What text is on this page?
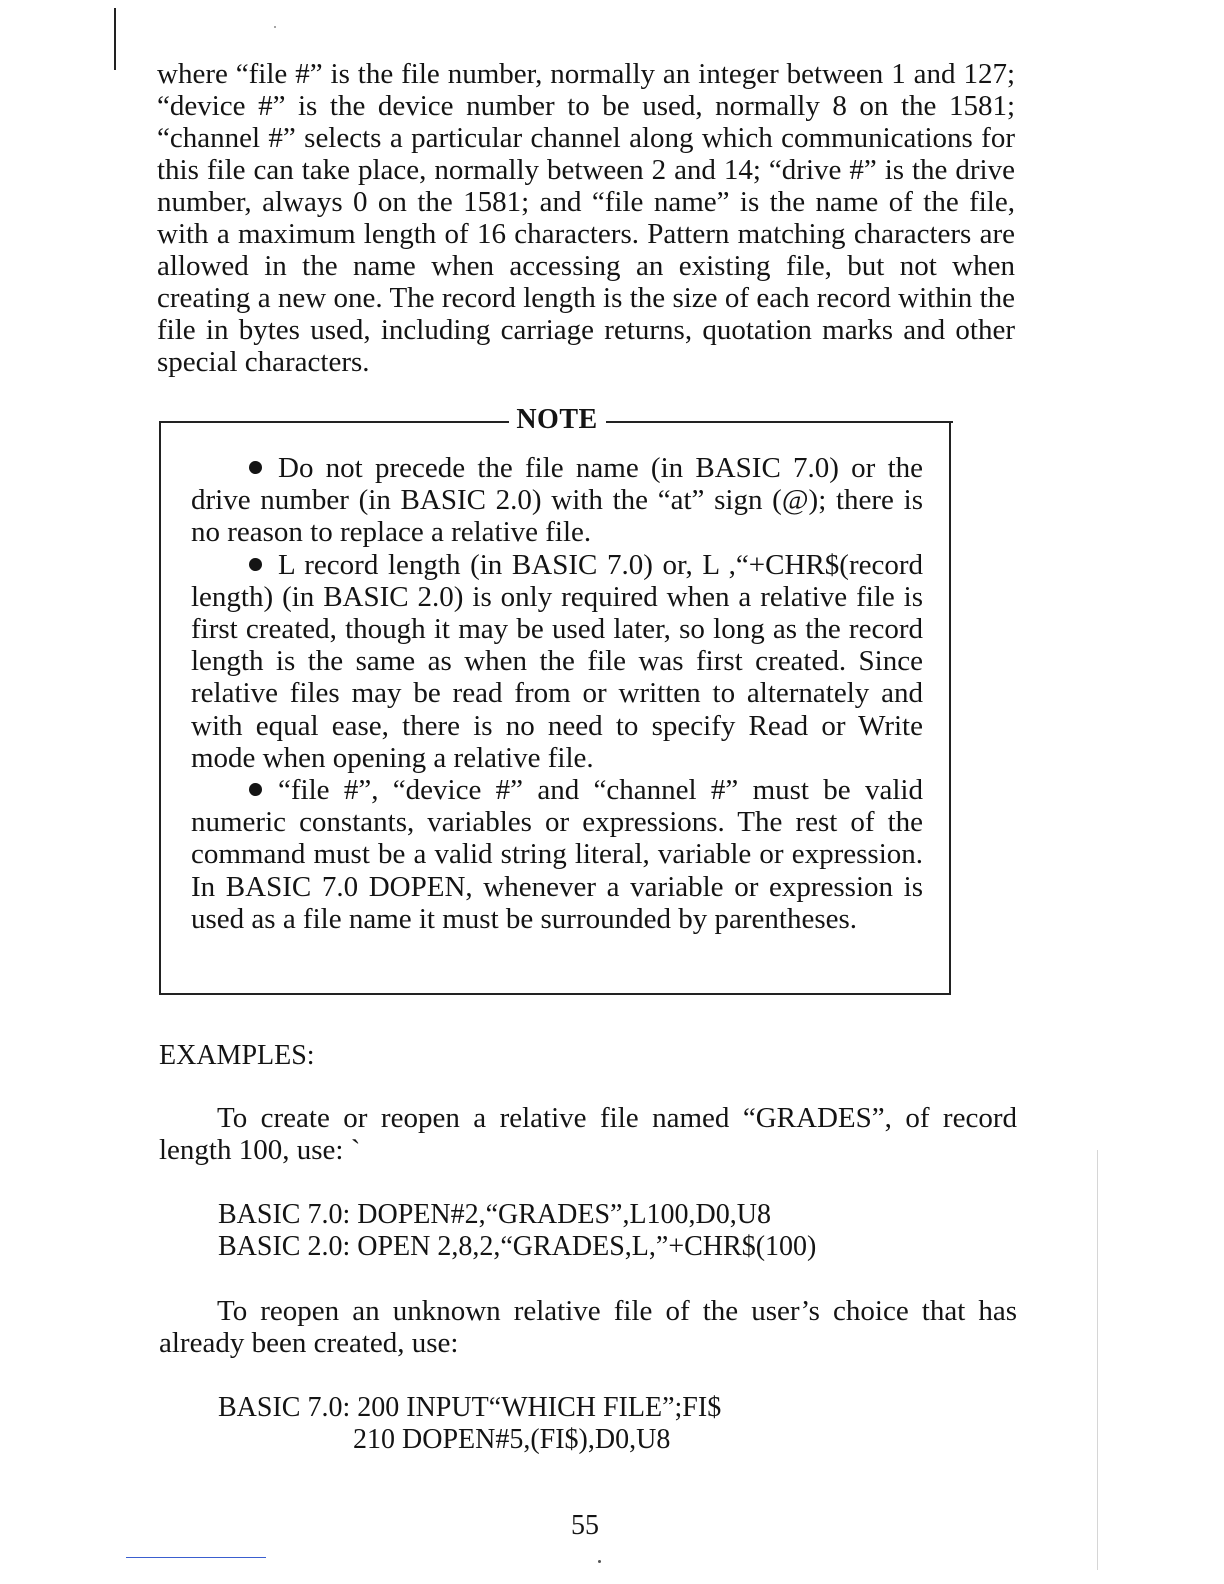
where “file #” is the file number, normally an integer between 1 and 127; “device #” is the device number to be used, normally 8 on the 1581; “channel #” selects a particular channel along which communications for this file can take place, normally between 2 and 14; “drive #” is the drive number, always 0 on the 1581; and “file name” is the name of the file, with a maximum length of 16 characters. Pattern matching characters are allowed in the name when accessing an existing file, but not when creating a new one. The record length is the size of each record within the file in bytes used, including carriage returns, quotation marks and other special characters.

NOTE

Do not precede the file name (in BASIC 7.0) or the drive number (in BASIC 2.0) with the “at” sign (@); there is no reason to replace a relative file.

L record length (in BASIC 7.0) or, L ,“+CHR$(record length) (in BASIC 2.0) is only required when a relative file is first created, though it may be used later, so long as the record length is the same as when the file was first created. Since relative files may be read from or written to alternately and with equal ease, there is no need to specify Read or Write mode when opening a relative file.

“file #”, “device #” and “channel #” must be valid numeric constants, variables or expressions. The rest of the command must be a valid string literal, variable or expression. In BASIC 7.0 DOPEN, whenever a variable or expression is used as a file name it must be surrounded by parentheses.

EXAMPLES:

To create or reopen a relative file named “GRADES”, of record length 100, use: `

BASIC 7.0: DOPEN#2,“GRADES”,L100,D0,U8
BASIC 2.0: OPEN 2,8,2,“GRADES,L,”+CHR$(100)

To reopen an unknown relative file of the user’s choice that has already been created, use:

BASIC 7.0: 200 INPUT“WHICH FILE”;FI$
210 DOPEN#5,(FI$),D0,U8
55
